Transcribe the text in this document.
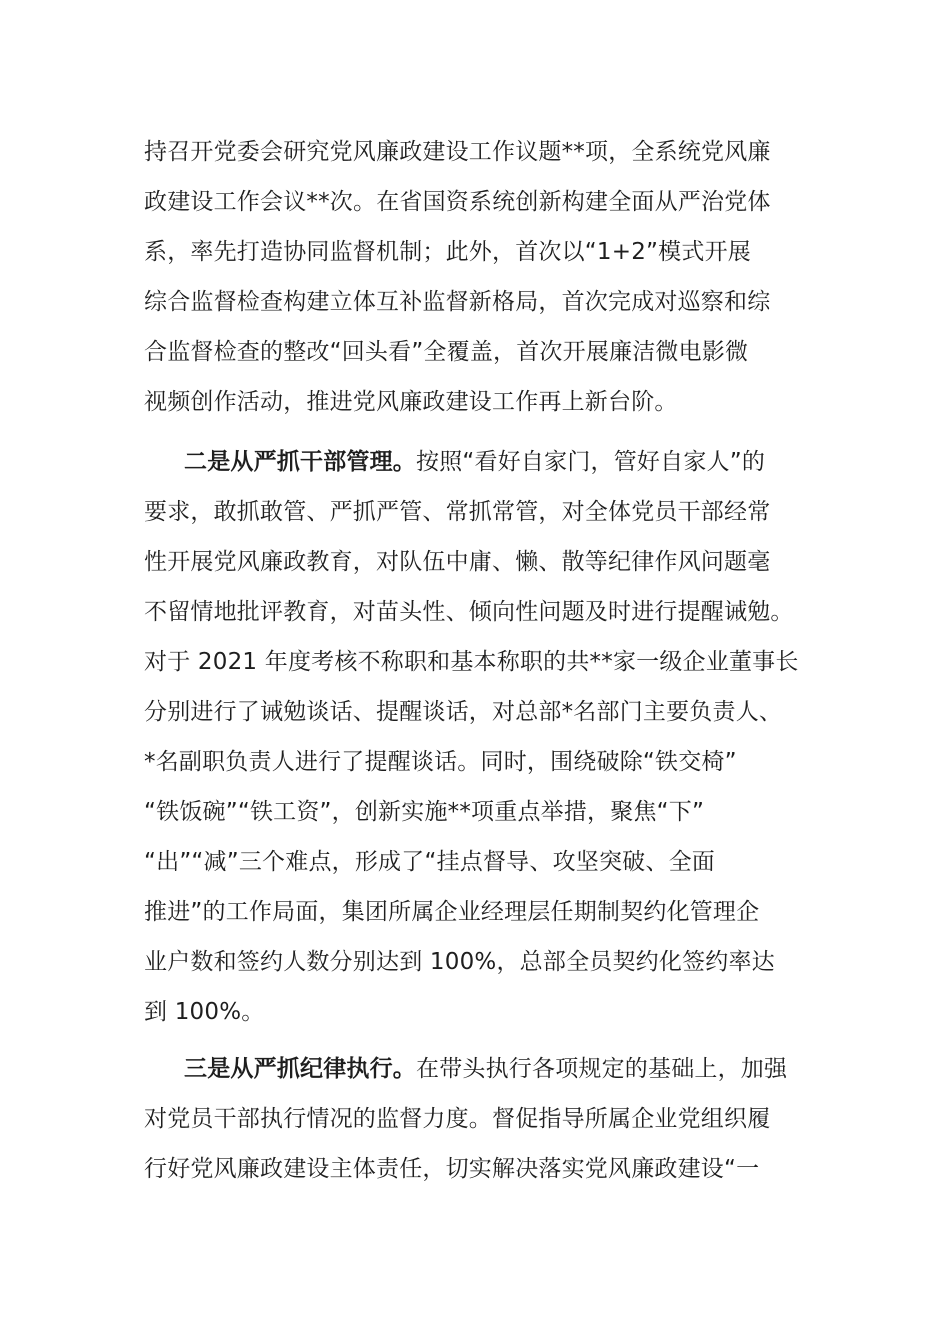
持召开党委会研究党风廉政建设工作议题**项，全系统党风廉
政建设工作会议**次。在省国资系统创新构建全面从严治党体
系，率先打造协同监督机制；此外，首次以“1+2”模式开展
综合监督检查构建立体互补监督新格局，首次完成对巡察和综
合监督检查的整改“回头看”全覆盖，首次开展廉洁微电影微
视频创作活动，推进党风廉政建设工作再上新台阶。
二是从严抓干部管理。按照“看好自家门，管好自家人”的
要求，敢抓敢管、严抓严管、常抓常管，对全体党员干部经常
性开展党风廉政教育，对队伍中庸、懒、散等纪律作风问题毫
不留情地批评教育，对苗头性、倾向性问题及时进行提醒诫勉。
对于 2021 年度考核不称职和基本称职的共**家一级企业董事长
分别进行了诫勉谈话、提醒谈话，对总部*名部门主要负责人、
*名副职负责人进行了提醒谈话。同时，围绕破除“铁交椅”
“铁饭碗”“铁工资”，创新实施**项重点举措，聚焦“下”
“出”“减”三个难点，形成了“挂点督导、攻坚突破、全面
推进”的工作局面，集团所属企业经理层任期制契约化管理企
业户数和签约人数分别达到 100%，总部全员契约化签约率达
到 100%。
三是从严抓纪律执行。在带头执行各项规定的基础上，加强
对党员干部执行情况的监督力度。督促指导所属企业党组织履
行好党风廉政建设主体责任，切实解决落实党风廉政建设“一
